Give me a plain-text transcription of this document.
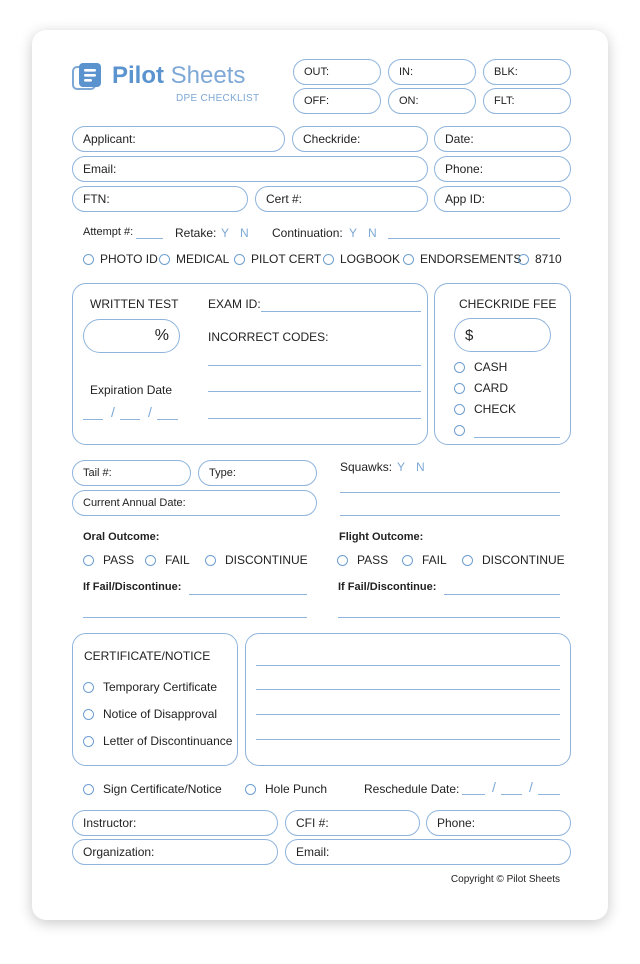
Pilot Sheets
DPE CHECKLIST
OUT:	IN:	BLK:
OFF:	ON:	FLT:
Applicant:	Checkride:	Date:
Email:	Phone:
FTN:	Cert #:	App ID:
Attempt #:	Retake: Y N Continuation: Y N
PHOTO ID MEDICAL PILOT CERT LOGBOOK ENDORSEMENTS 8710
WRITTEN TEST
%
EXAM ID:
INCORRECT CODES:
Expiration Date
/ /
CHECKRIDE FEE
$
CASH
CARD
CHECK
Tail #:	Type:
Current Annual Date:
Squawks: Y N
Oral Outcome:
PASS	FAIL	DISCONTINUE
If Fail/Discontinue:
Flight Outcome:
PASS	FAIL	DISCONTINUE
If Fail/Discontinue:
CERTIFICATE/NOTICE
Temporary Certificate
Notice of Disapproval
Letter of Discontinuance
Sign Certificate/Notice	Hole Punch	Reschedule Date: / /
Instructor:	CFI #:	Phone:
Organization:	Email:
Copyright © Pilot Sheets
